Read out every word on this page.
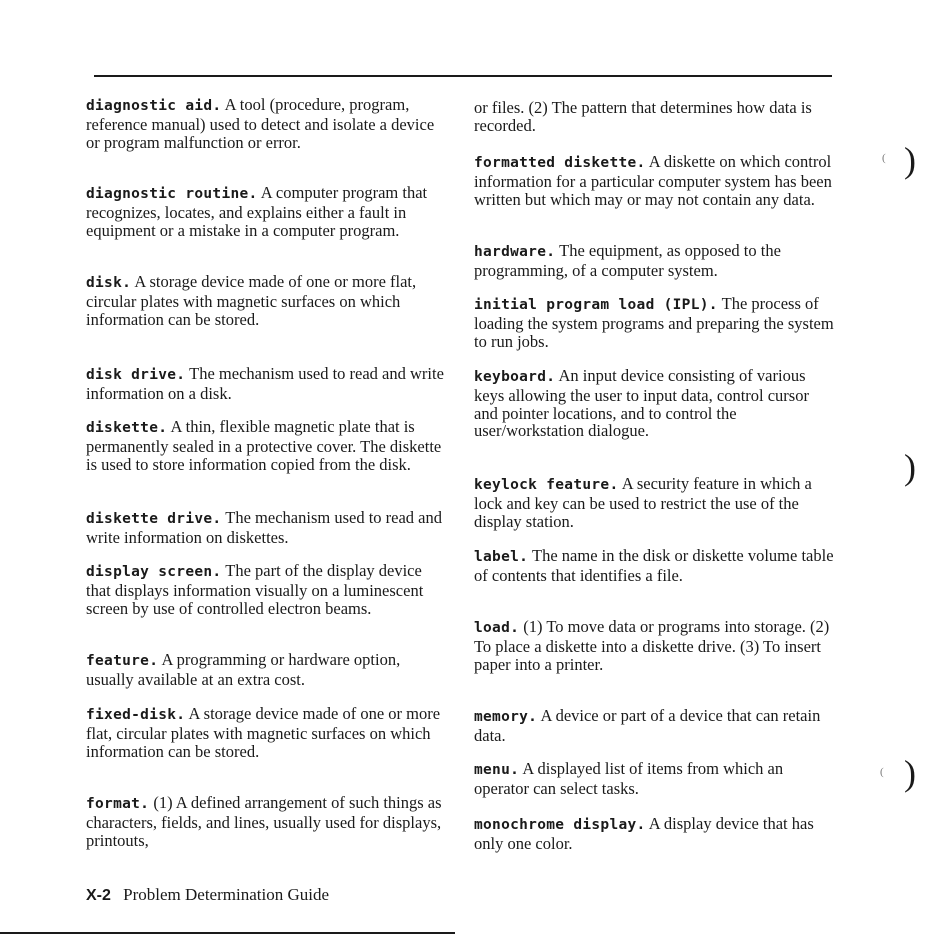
diagnostic aid. A tool (procedure, program, reference manual) used to detect and isolate a device or program malfunction or error.

diagnostic routine. A computer program that recognizes, locates, and explains either a fault in equipment or a mistake in a computer program.

disk. A storage device made of one or more flat, circular plates with magnetic surfaces on which information can be stored.

disk drive. The mechanism used to read and write information on a disk.

diskette. A thin, flexible magnetic plate that is permanently sealed in a protective cover. The diskette is used to store information copied from the disk.

diskette drive. The mechanism used to read and write information on diskettes.

display screen. The part of the display device that displays information visually on a luminescent screen by use of controlled electron beams.

feature. A programming or hardware option, usually available at an extra cost.

fixed-disk. A storage device made of one or more flat, circular plates with magnetic surfaces on which information can be stored.

format. (1) A defined arrangement of such things as characters, fields, and lines, usually used for displays, printouts,

or files. (2) The pattern that determines how data is recorded.

formatted diskette. A diskette on which control information for a particular computer system has been written but which may or may not contain any data.

hardware. The equipment, as opposed to the programming, of a computer system.

initial program load (IPL). The process of loading the system programs and preparing the system to run jobs.

keyboard. An input device consisting of various keys allowing the user to input data, control cursor and pointer locations, and to control the user/workstation dialogue.

keylock feature. A security feature in which a lock and key can be used to restrict the use of the display station.

label. The name in the disk or diskette volume table of contents that identifies a file.

load. (1) To move data or programs into storage. (2) To place a diskette into a diskette drive. (3) To insert paper into a printer.

memory. A device or part of a device that can retain data.

menu. A displayed list of items from which an operator can select tasks.

monochrome display. A display device that has only one color.

( )
)
( )
X-2 Problem Determination Guide
